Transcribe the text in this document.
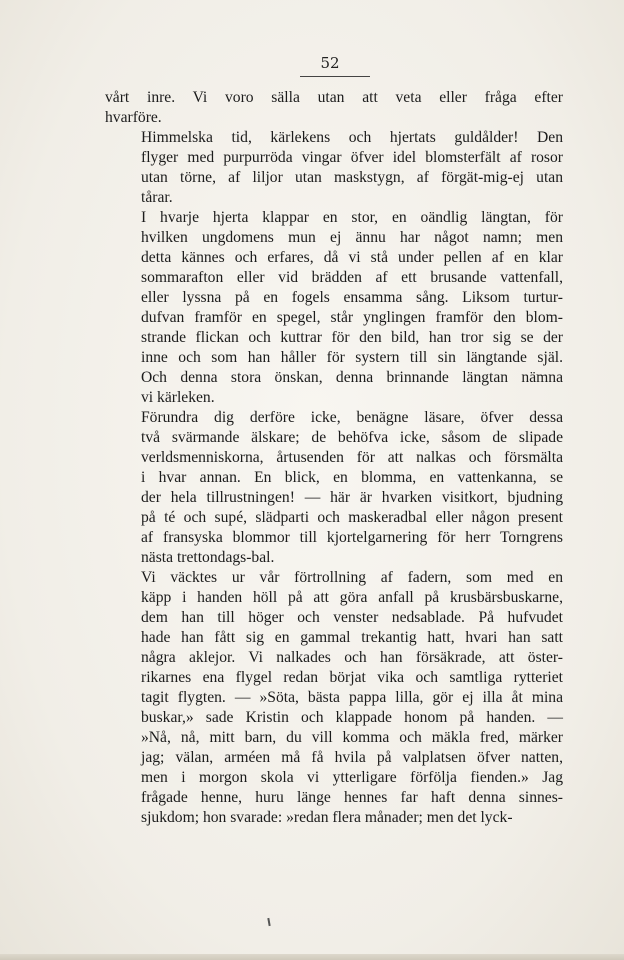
52
vårt inre. Vi voro sälla utan att veta eller fråga efter
hvarföre.
Himmelska tid, kärlekens och hjertats guldålder! Den
flyger med purpurröda vingar öfver idel blomsterfält af rosor
utan törne, af liljor utan maskstygn, af förgät-mig-ej utan
tårar.
I hvarje hjerta klappar en stor, en oändlig längtan, för
hvilken ungdomens mun ej ännu har något namn; men
detta kännes och erfares, då vi stå under pellen af en klar
sommarafton eller vid brädden af ett brusande vattenfall,
eller lyssna på en fogels ensamma sång. Liksom turtur-
dufvan framför en spegel, står ynglingen framför den blom-
strande flickan och kuttrar för den bild, han tror sig se der
inne och som han håller för systern till sin längtande själ.
Och denna stora önskan, denna brinnande längtan nämna
vi kärleken.
Förundra dig derföre icke, benägne läsare, öfver dessa
två svärmande älskare; de behöfva icke, såsom de slipade
verldsmenniskorna, årtusenden för att nalkas och försmälta
i hvar annan. En blick, en blomma, en vattenkanna, se
der hela tillrustningen! — här är hvarken visitkort, bjudning
på té och supé, slädparti och maskeradbal eller någon present
af fransyska blommor till kjortelgarnering för herr Torngrens
nästa trettondags-bal.
Vi väcktes ur vår förtrollning af fadern, som med en
käpp i handen höll på att göra anfall på krusbärsbuskarne,
dem han till höger och venster nedsablade. På hufvudet
hade han fått sig en gammal trekantig hatt, hvari han satt
några aklejor. Vi nalkades och han försäkrade, att öster-
rikarnes ena flygel redan börjat vika och samtliga rytteriet
tagit flygten. — »Söta, bästa pappa lilla, gör ej illa åt mina
buskar,» sade Kristin och klappade honom på handen. —
»Nå, nå, mitt barn, du vill komma och mäkla fred, märker
jag; välan, arméen må få hvila på valplatsen öfver natten,
men i morgon skola vi ytterligare förfölja fienden.» Jag
frågade henne, huru länge hennes far haft denna sinnes-
sjukdom; hon svarade: »redan flera månader; men det lyck-
